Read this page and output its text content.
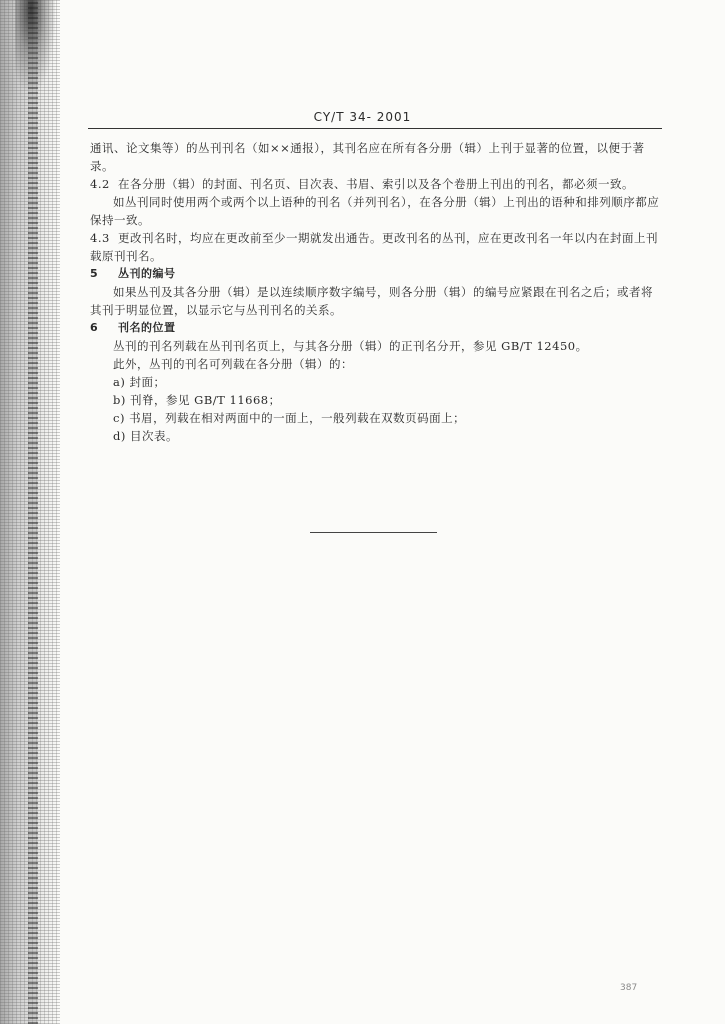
CY/T 34- 2001

通讯、论文集等）的丛刊刊名（如××通报），其刊名应在所有各分册（辑）上刊于显著的位置，以便于著录。

4.2 在各分册（辑）的封面、刊名页、目次表、书眉、索引以及各个卷册上刊出的刊名，都必须一致。

如丛刊同时使用两个或两个以上语种的刊名（并列刊名），在各分册（辑）上刊出的语种和排列顺序都应保持一致。

4.3 更改刊名时，均应在更改前至少一期就发出通告。更改刊名的丛刊，应在更改刊名一年以内在封面上刊载原刊刊名。

5 丛刊的编号

如果丛刊及其各分册（辑）是以连续顺序数字编号，则各分册（辑）的编号应紧跟在刊名之后；或者将其刊于明显位置，以显示它与丛刊刊名的关系。

6 刊名的位置

丛刊的刊名列载在丛刊刊名页上，与其各分册（辑）的正刊名分开，参见 GB/T 12450。

此外，丛刊的刊名可列载在各分册（辑）的：

a) 封面；

b) 刊脊，参见 GB/T 11668；

c) 书眉，列载在相对两面中的一面上，一般列载在双数页码面上；

d) 目次表。

387
